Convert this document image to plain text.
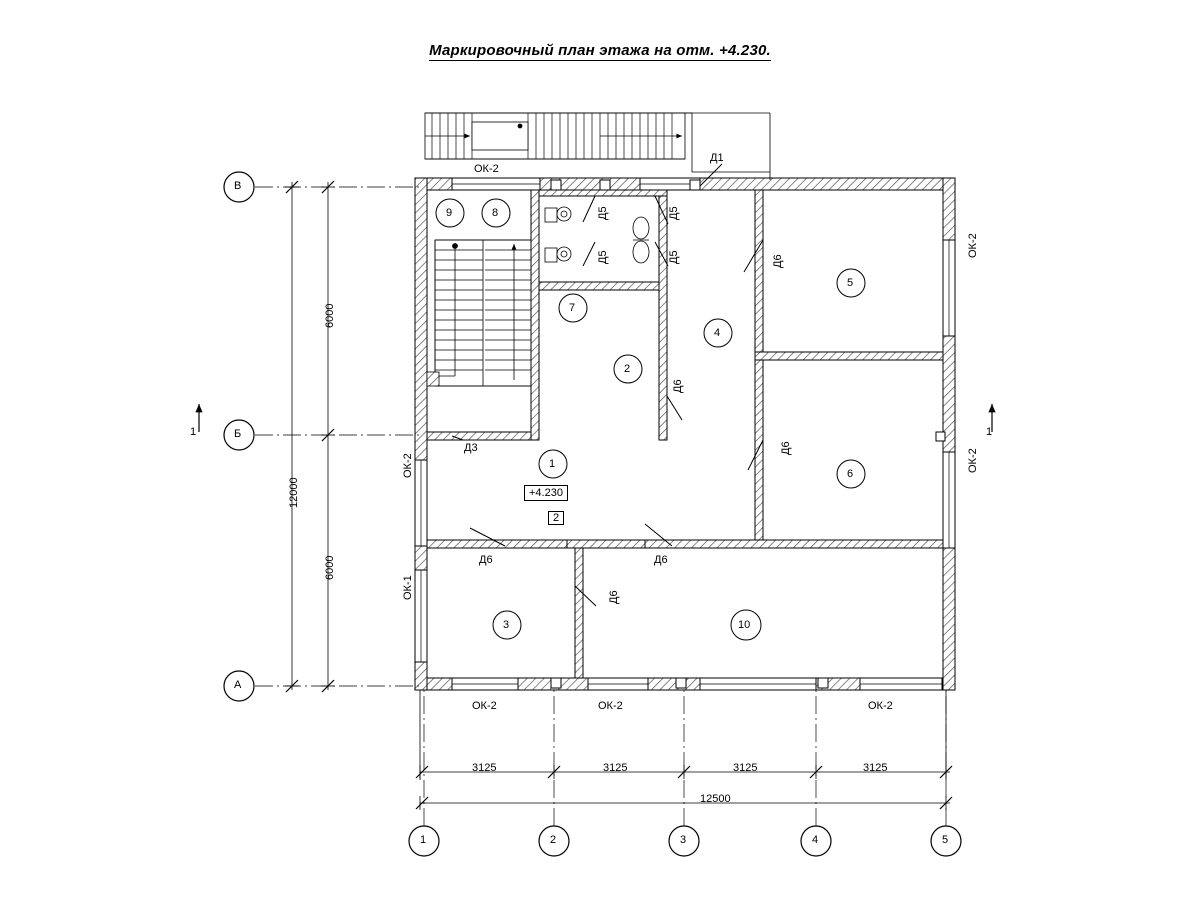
Маркировочный план этажа на отм. +4.230.
1	1
В
Б
А
1	2	3	4	5
3125	3125	3125	3125
12500
6000
6000
12000
1
2
3
4
5
6
7
8
9
10
Д1
Д3
Д5	Д5
Д5	Д5	Д6
Д6
Д6
Д6	Д6
Д6
ОК-2
ОК-2
ОК-2
ОК-2
ОК-1
ОК-2	ОК-2	ОК-2
+4.230
2
